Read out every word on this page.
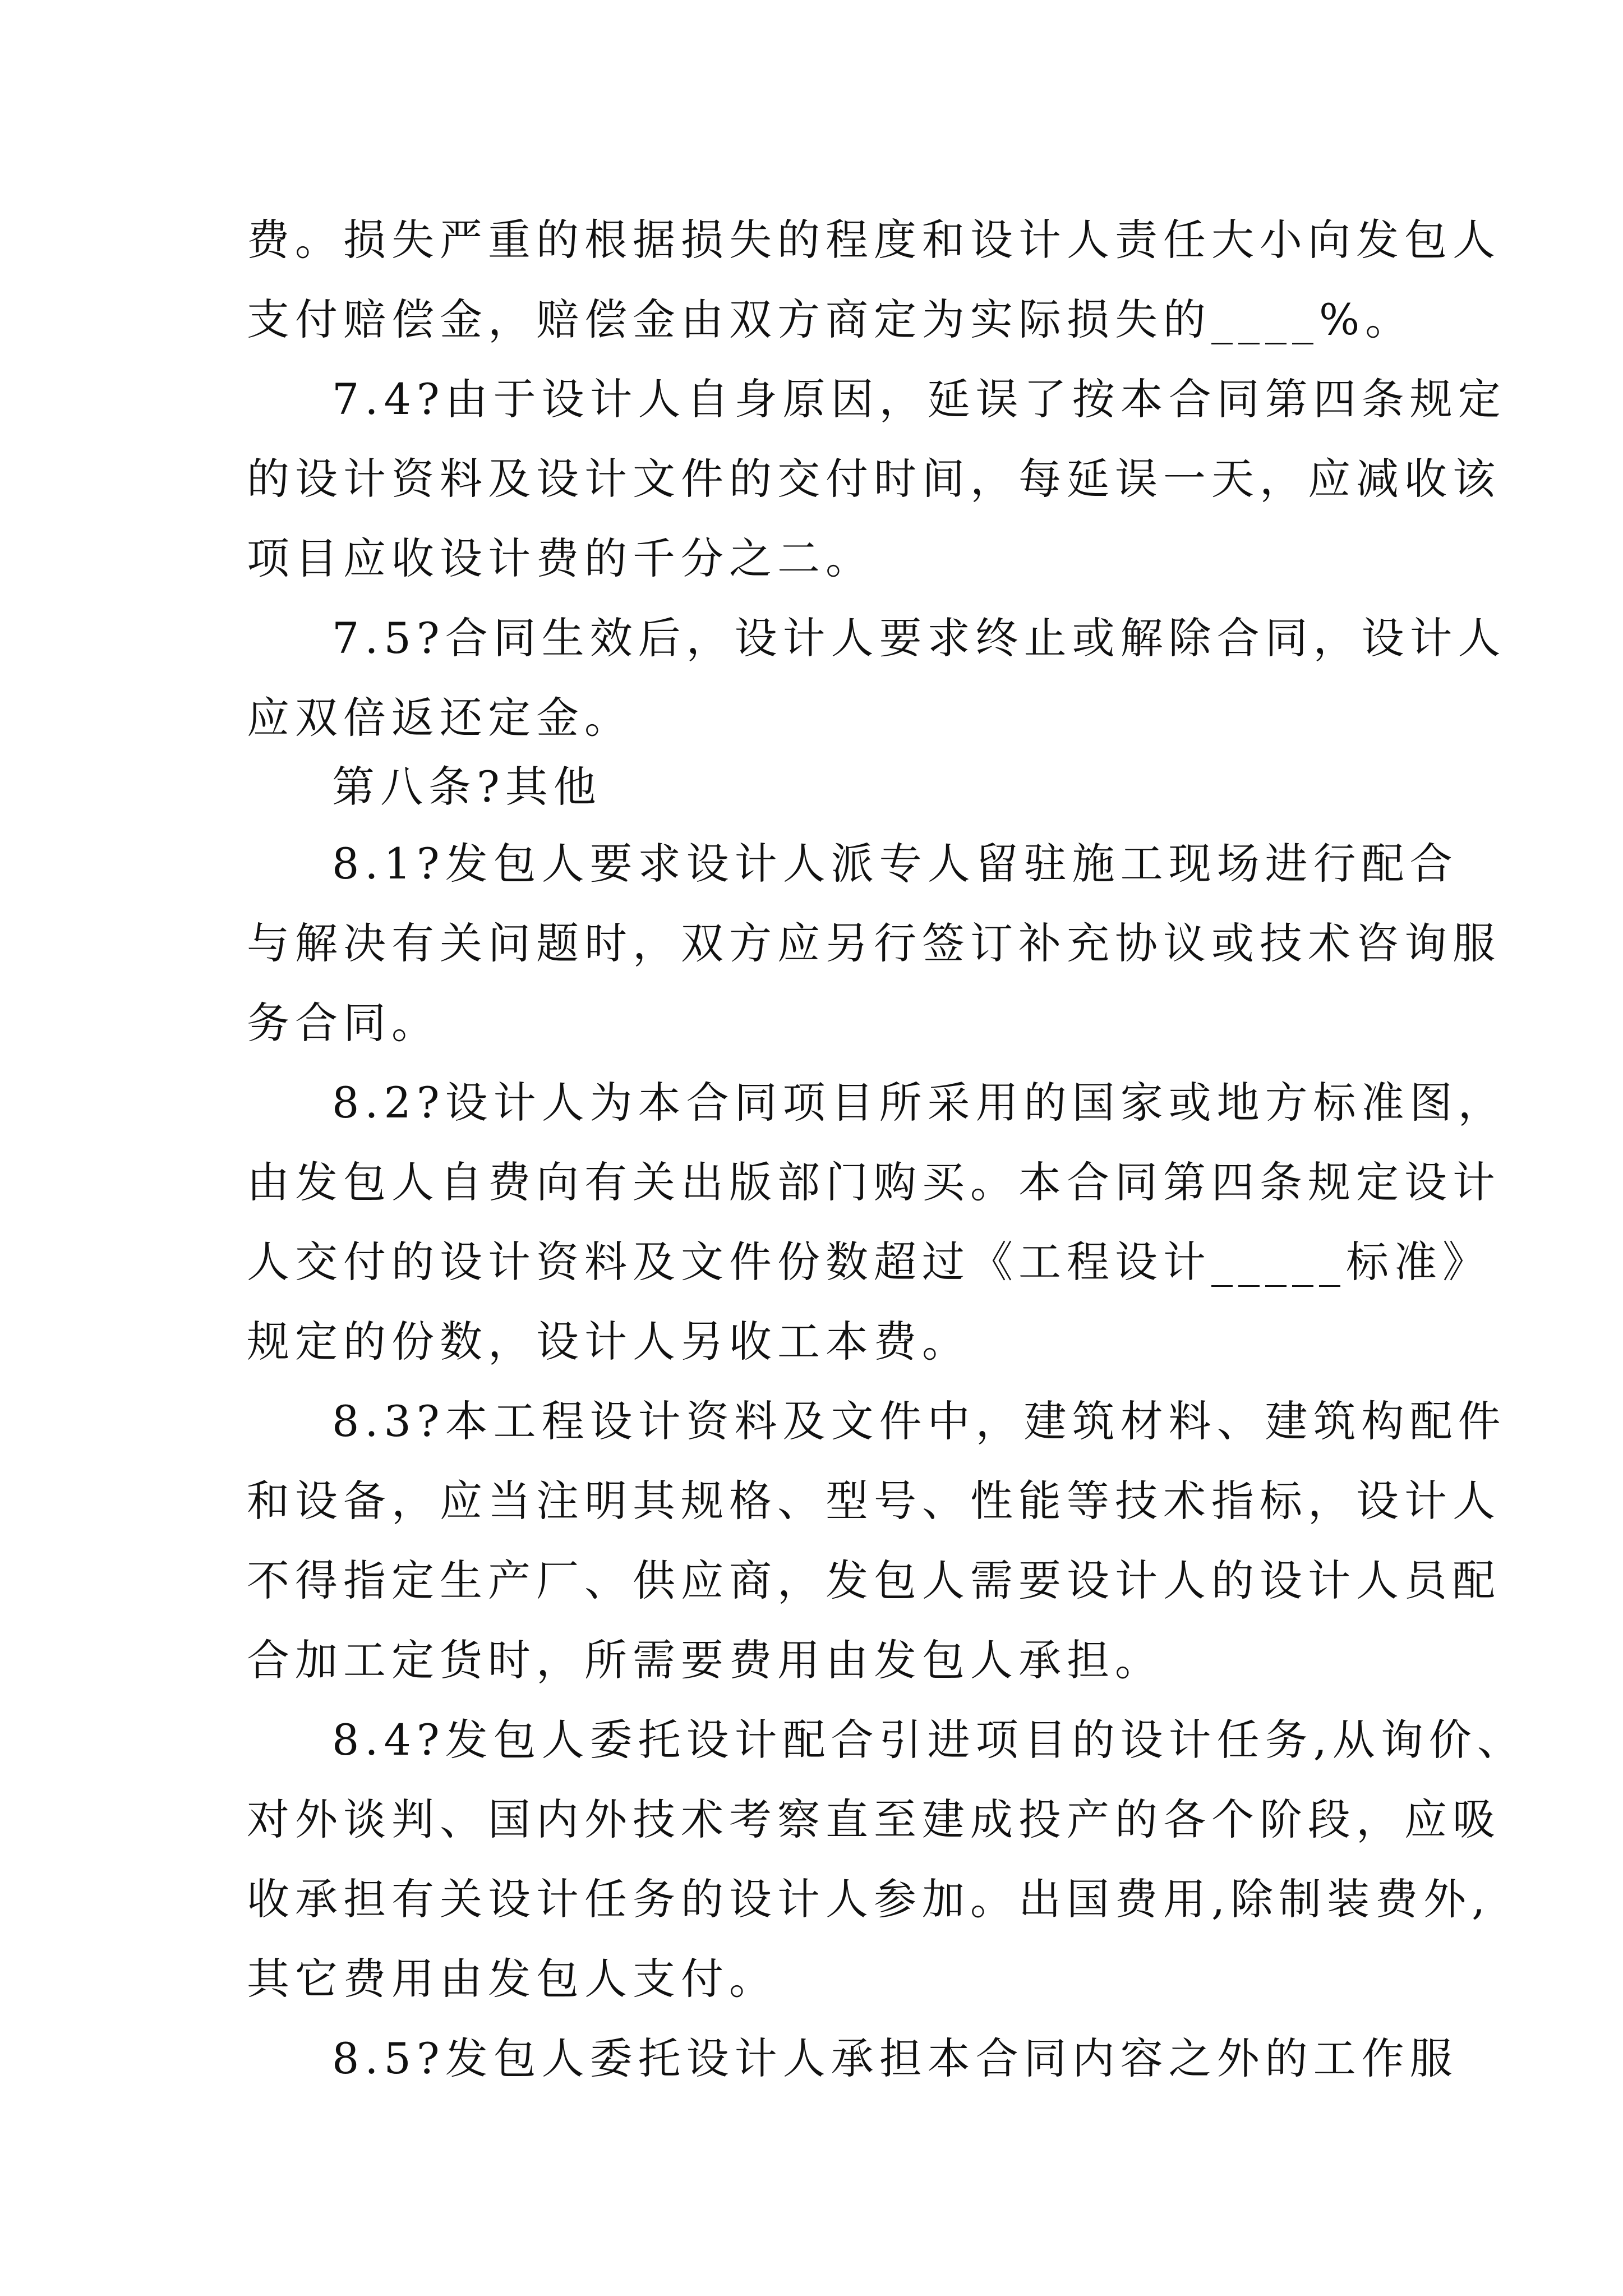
费。损失严重的根据损失的程度和设计人责任大小向发包人

支付赔偿金，赔偿金由双方商定为实际损失的____%。

7.4?由于设计人自身原因，延误了按本合同第四条规定

的设计资料及设计文件的交付时间，每延误一天，应减收该

项目应收设计费的千分之二。

7.5?合同生效后，设计人要求终止或解除合同，设计人

应双倍返还定金。

第八条?其他

8.1?发包人要求设计人派专人留驻施工现场进行配合

与解决有关问题时，双方应另行签订补充协议或技术咨询服

务合同。

8.2?设计人为本合同项目所采用的国家或地方标准图，

由发包人自费向有关出版部门购买。本合同第四条规定设计

人交付的设计资料及文件份数超过《工程设计_____标准》

规定的份数，设计人另收工本费。

8.3?本工程设计资料及文件中，建筑材料、建筑构配件

和设备，应当注明其规格、型号、性能等技术指标，设计人

不得指定生产厂、供应商，发包人需要设计人的设计人员配

合加工定货时，所需要费用由发包人承担。

8.4?发包人委托设计配合引进项目的设计任务,从询价、

对外谈判、国内外技术考察直至建成投产的各个阶段，应吸

收承担有关设计任务的设计人参加。出国费用,除制装费外,

其它费用由发包人支付。

8.5?发包人委托设计人承担本合同内容之外的工作服
